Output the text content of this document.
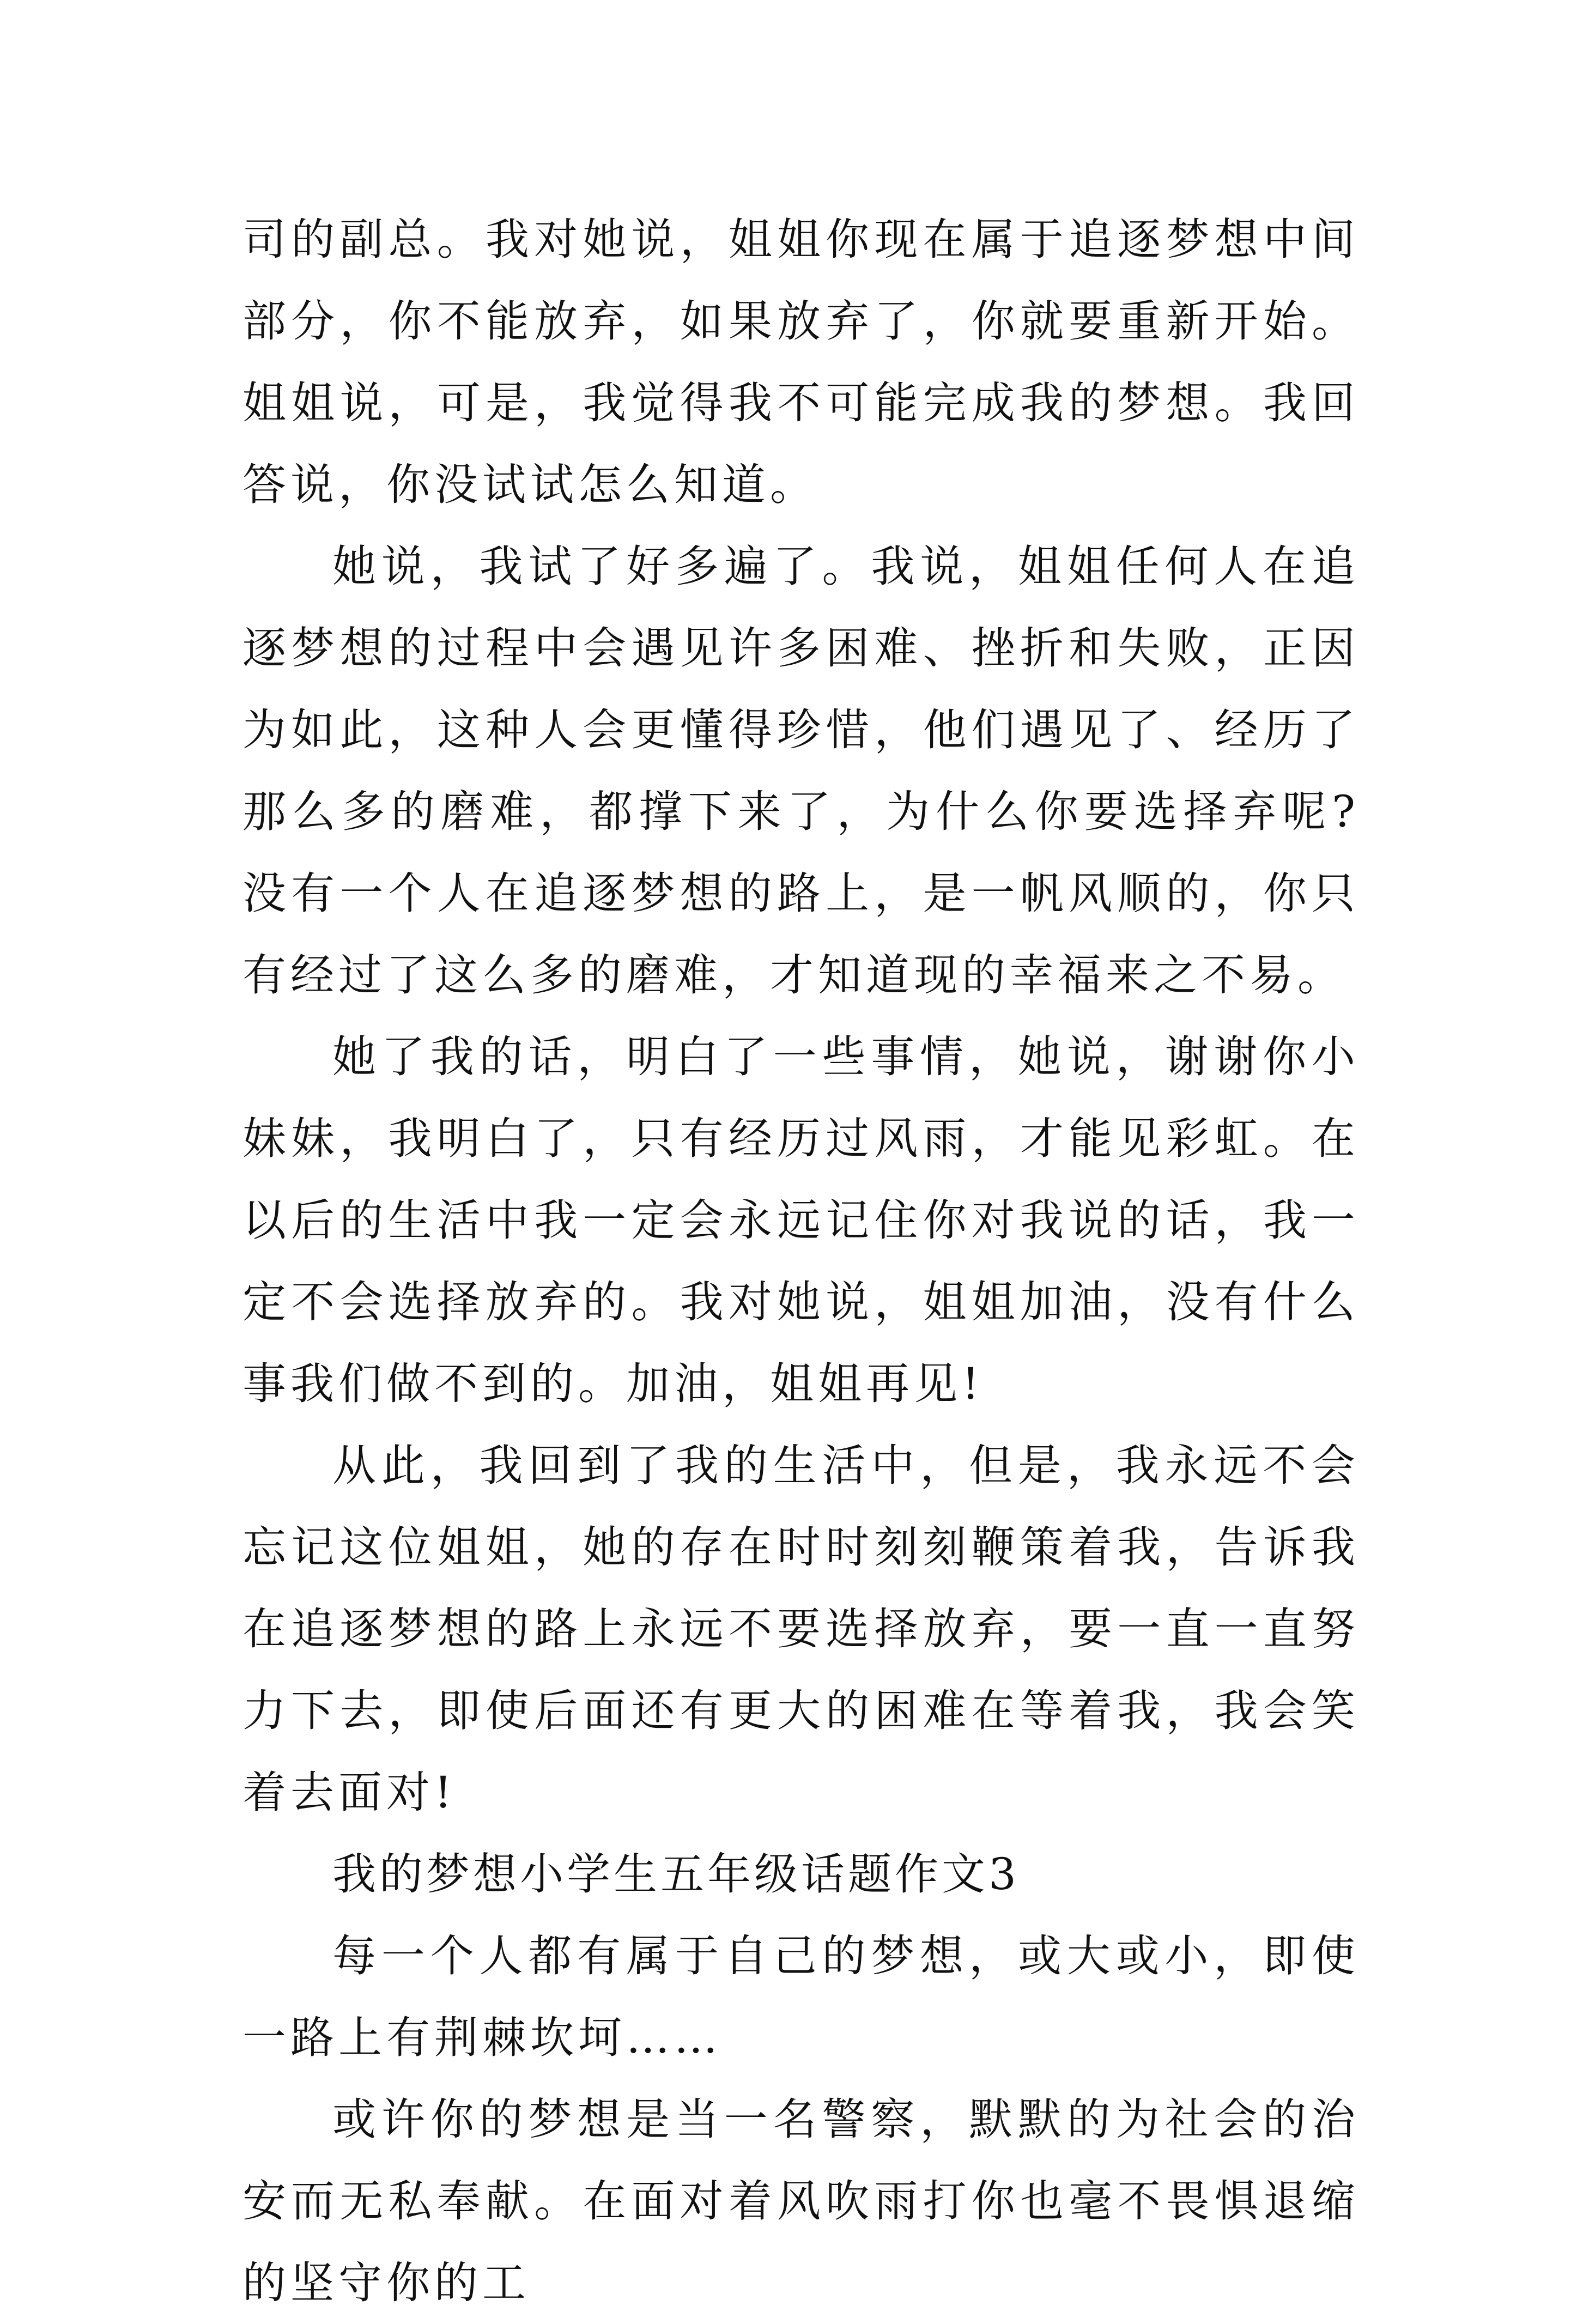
司的副总。我对她说，姐姐你现在属于追逐梦想中间部分，你不能放弃，如果放弃了，你就要重新开始。姐姐说，可是，我觉得我不可能完成我的梦想。我回答说，你没试试怎么知道。

她说，我试了好多遍了。我说，姐姐任何人在追逐梦想的过程中会遇见许多困难、挫折和失败，正因为如此，这种人会更懂得珍惜，他们遇见了、经历了那么多的磨难，都撑下来了，为什么你要选择弃呢?没有一个人在追逐梦想的路上，是一帆风顺的，你只有经过了这么多的磨难，才知道现的幸福来之不易。

她了我的话，明白了一些事情，她说，谢谢你小妹妹，我明白了，只有经历过风雨，才能见彩虹。在以后的生活中我一定会永远记住你对我说的话，我一定不会选择放弃的。我对她说，姐姐加油，没有什么事我们做不到的。加油，姐姐再见!

从此，我回到了我的生活中，但是，我永远不会忘记这位姐姐，她的存在时时刻刻鞭策着我，告诉我在追逐梦想的路上永远不要选择放弃，要一直一直努力下去，即使后面还有更大的困难在等着我，我会笑着去面对!

我的梦想小学生五年级话题作文3

每一个人都有属于自己的梦想，或大或小，即使一路上有荆棘坎坷……

或许你的梦想是当一名警察，默默的为社会的治安而无私奉献。在面对着风吹雨打你也毫不畏惧退缩的坚守你的工
